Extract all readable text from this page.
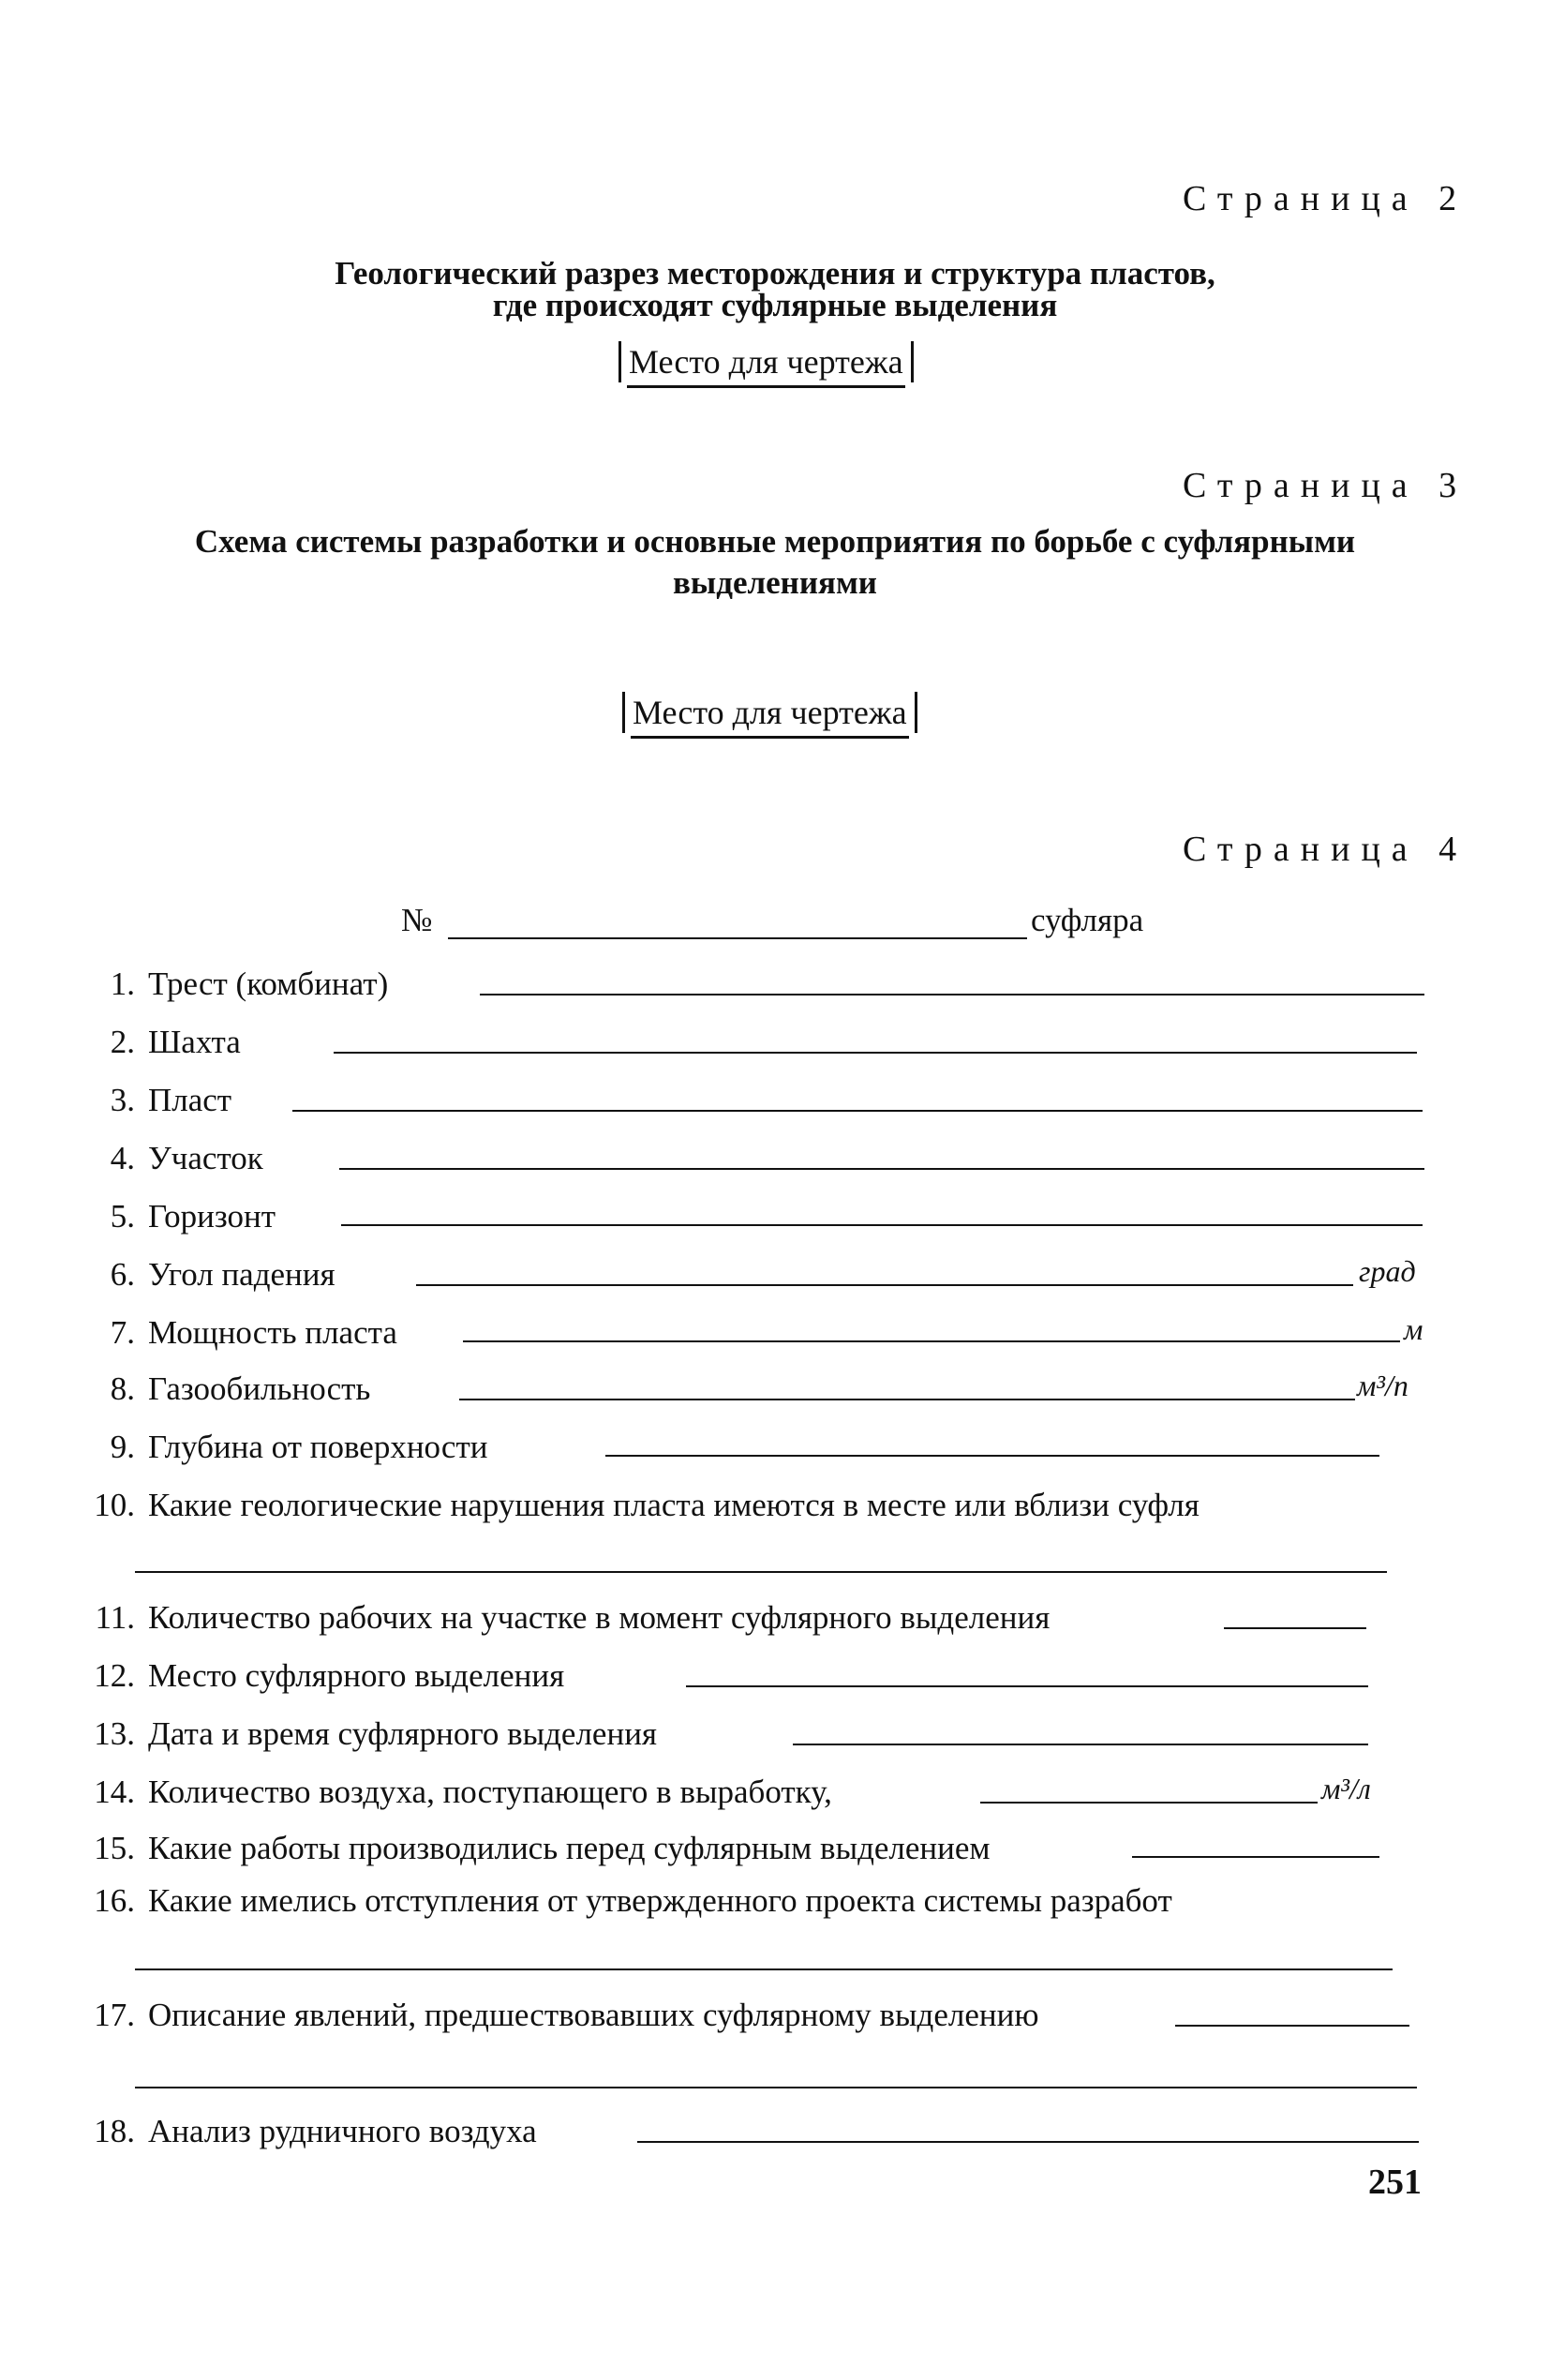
Страница 2
Геологический разрез месторождения и структура пластов,
где происходят суфлярные выделения
Место для чертежа
Страница 3
Схема системы разработки и основные мероприятия по борьбе с суфлярными
выделениями
Место для чертежа
Страница 4
№	суфляра
1. Трест (комбинат)
2. Шахта
3. Пласт
4. Участок
5. Горизонт
6. Угол падения	град
7. Мощность пласта	м
8. Газообильность	м³/п
9. Глубина от поверхности
10. Какие геологические нарушения пласта имеются в месте или вблизи суфля
11. Количество рабочих на участке в момент суфлярного выделения
12. Место суфлярного выделения
13. Дата и время суфлярного выделения
14. Количество воздуха, поступающего в выработку,	м³/л
15. Какие работы производились перед суфлярным выделением
16. Какие имелись отступления от утвержденного проекта системы разработ
17. Описание явлений, предшествовавших суфлярному выделению
18. Анализ рудничного воздуха
251
